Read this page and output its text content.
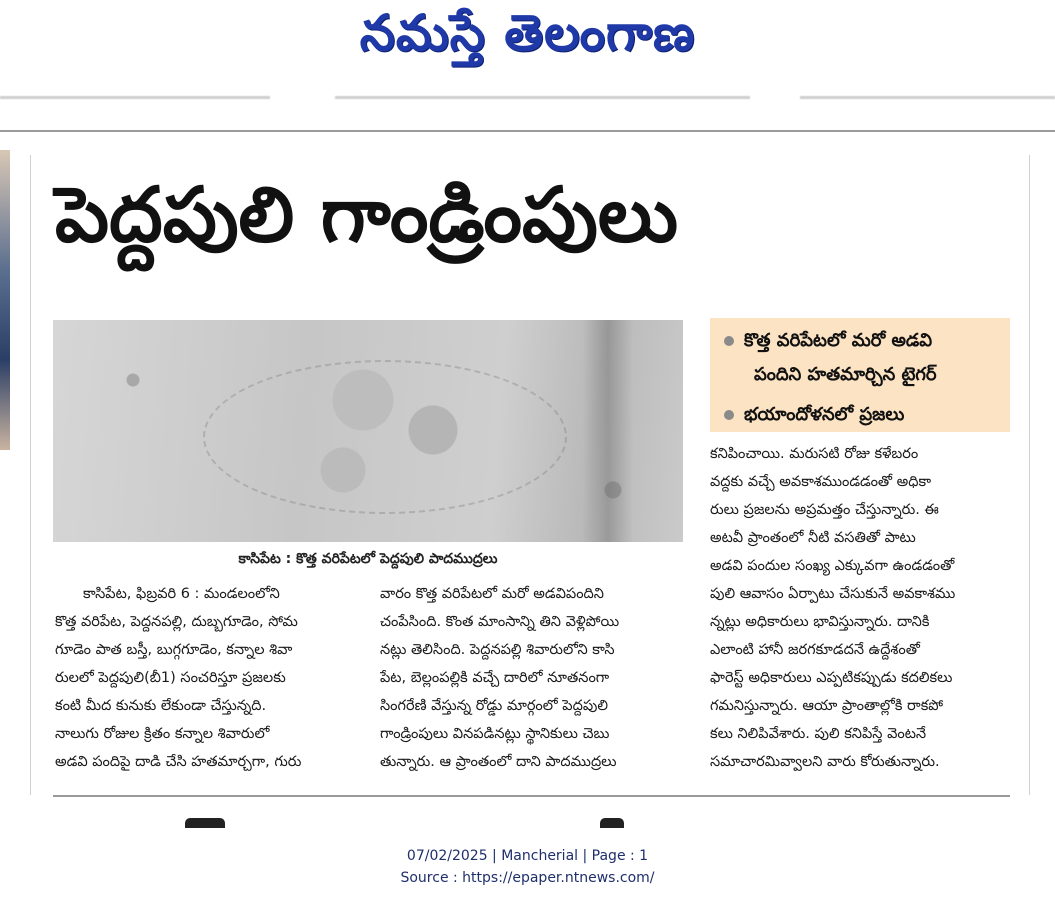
నమస్తే తెలంగాణ
పెద్దపులి గాండ్రింపులు
కాసిపేట : కొత్త వరిపేటలో పెద్దపులి పాదముద్రలు
కొత్త వరిపేటలో మరో అడవి
పందిని హతమార్చిన టైగర్
భయాందోళనలో ప్రజలు
కాసిపేట, ఫిబ్రవరి 6 : మండలంలోని
కొత్త వరిపేట, పెద్దనపల్లి, దుబ్బగూడెం, సోమ
గూడెం పాత బస్తీ, బుగ్గగూడెం, కన్నాల శివా
రులలో పెద్దపులి(బీ1) సంచరిస్తూ ప్రజలకు
కంటి మీద కునుకు లేకుండా చేస్తున్నది.
నాలుగు రోజుల క్రితం కన్నాల శివారులో
అడవి పందిపై దాడి చేసి హతమార్చగా, గురు
వారం కొత్త వరిపేటలో మరో అడవిపందిని
చంపేసింది. కొంత మాంసాన్ని తిని వెళ్లిపోయి
నట్లు తెలిసింది. పెద్దనపల్లి శివారులోని కాసి
పేట, బెల్లంపల్లికి వచ్చే దారిలో నూతనంగా
సింగరేణి వేస్తున్న రోడ్డు మార్గంలో పెద్దపులి
గాండ్రింపులు వినపడినట్లు స్థానికులు చెబు
తున్నారు. ఆ ప్రాంతంలో దాని పాదముద్రలు
కనిపించాయి. మరుసటి రోజు కళేబరం
వద్దకు వచ్చే అవకాశముండడంతో అధికా
రులు ప్రజలను అప్రమత్తం చేస్తున్నారు. ఈ
అటవీ ప్రాంతంలో నీటి వసతితో పాటు
అడవి పందుల సంఖ్య ఎక్కువగా ఉండడంతో
పులి ఆవాసం ఏర్పాటు చేసుకునే అవకాశము
న్నట్లు అధికారులు భావిస్తున్నారు. దానికి
ఎలాంటి హానీ జరగకూడదనే ఉద్దేశంతో
ఫారెస్ట్ అధికారులు ఎప్పటికప్పుడు కదలికలు
గమనిస్తున్నారు. ఆయా ప్రాంతాల్లోకి రాకపో
కలు నిలిపివేశారు. పులి కనిపిస్తే వెంటనే
సమాచారమివ్వాలని వారు కోరుతున్నారు.
07/02/2025 | Mancherial | Page : 1
Source : https://epaper.ntnews.com/
